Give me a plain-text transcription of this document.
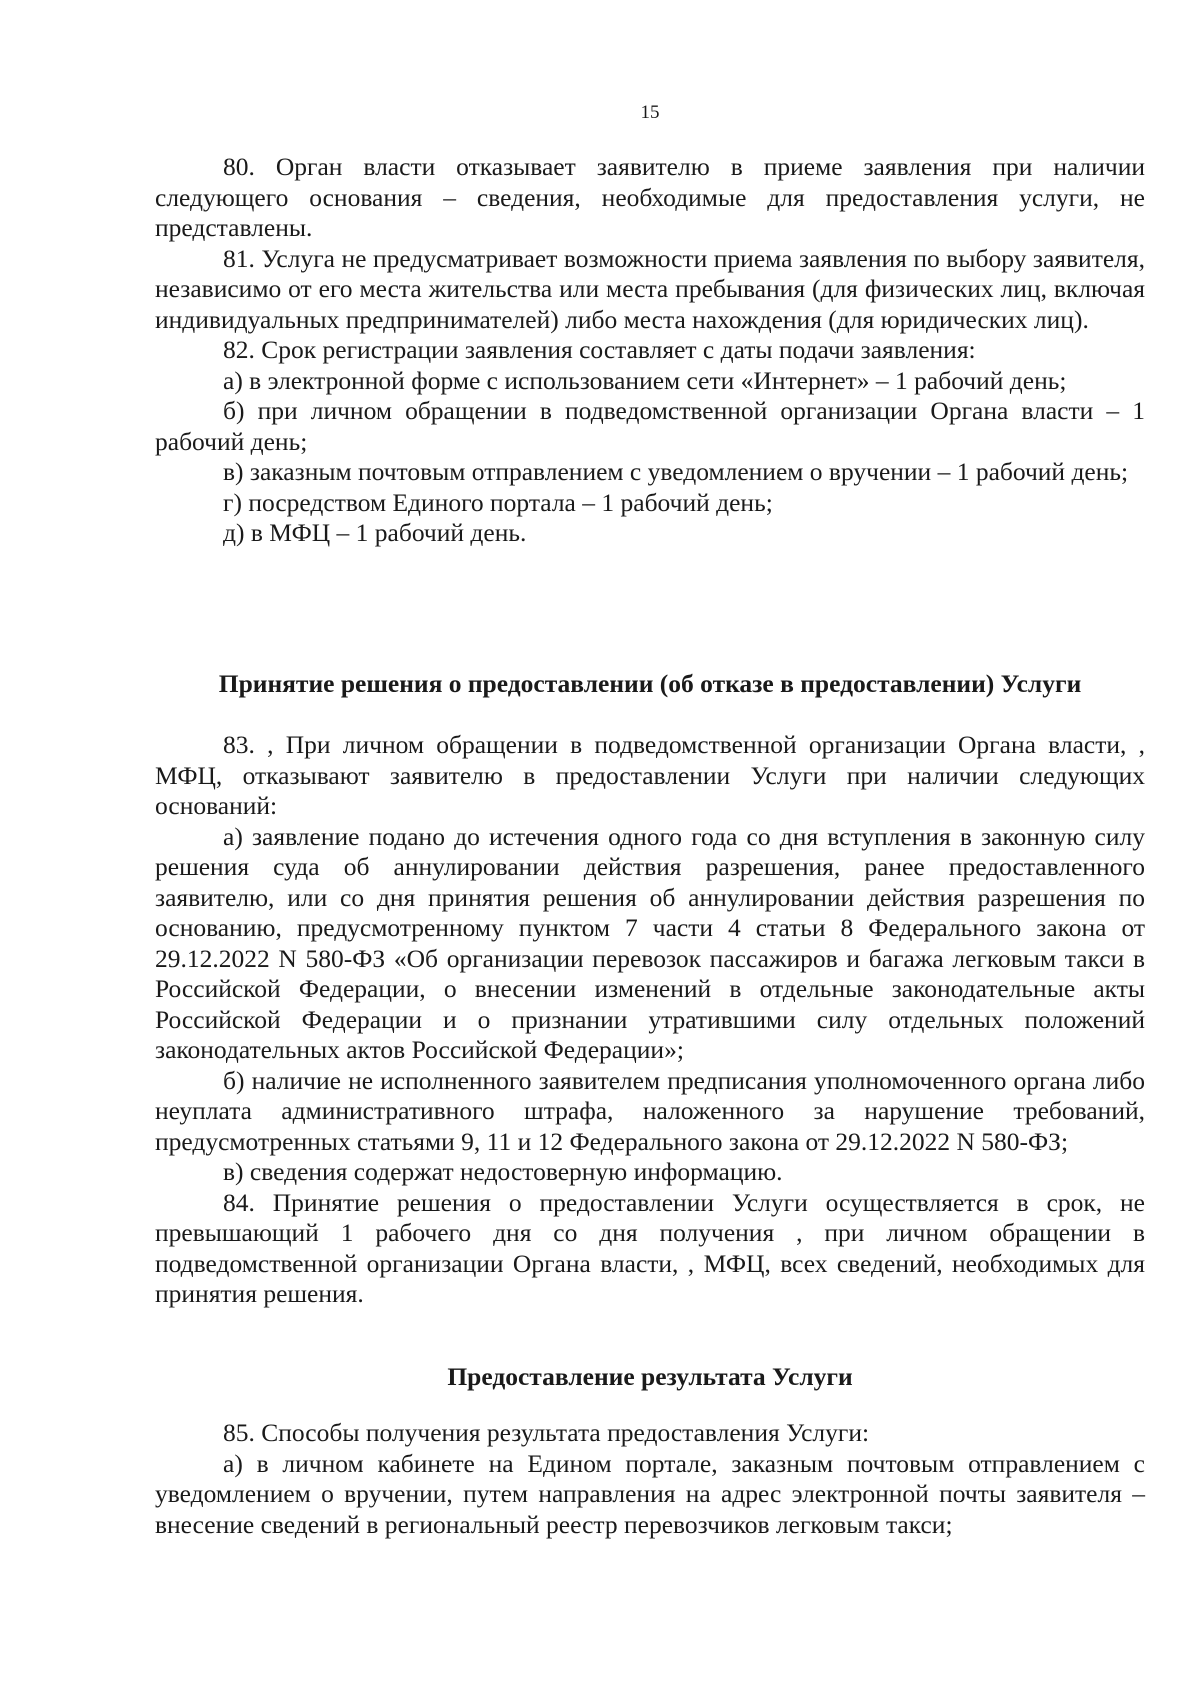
15

80. Орган власти отказывает заявителю в приеме заявления при наличии следующего основания – сведения, необходимые для предоставления услуги, не представлены.

81. Услуга не предусматривает возможности приема заявления по выбору заявителя, независимо от его места жительства или места пребывания (для физических лиц, включая индивидуальных предпринимателей) либо места нахождения (для юридических лиц).

82. Срок регистрации заявления составляет с даты подачи заявления:

а) в электронной форме с использованием сети «Интернет» – 1 рабочий день;

б) при личном обращении в подведомственной организации Органа власти – 1 рабочий день;

в) заказным почтовым отправлением с уведомлением о вручении – 1 рабочий день;

г) посредством Единого портала – 1 рабочий день;

д) в МФЦ – 1 рабочий день.

Принятие решения о предоставлении (об отказе в предоставлении) Услуги

83. , При личном обращении в подведомственной организации Органа власти, , МФЦ, отказывают заявителю в предоставлении Услуги при наличии следующих оснований:

а) заявление подано до истечения одного года со дня вступления в законную силу решения суда об аннулировании действия разрешения, ранее предоставленного заявителю, или со дня принятия решения об аннулировании действия разрешения по основанию, предусмотренному пунктом 7 части 4 статьи 8 Федерального закона от 29.12.2022 N 580-ФЗ «Об организации перевозок пассажиров и багажа легковым такси в Российской Федерации, о внесении изменений в отдельные законодательные акты Российской Федерации и о признании утратившими силу отдельных положений законодательных актов Российской Федерации»;

б) наличие не исполненного заявителем предписания уполномоченного органа либо неуплата административного штрафа, наложенного за нарушение требований, предусмотренных статьями 9, 11 и 12 Федерального закона от 29.12.2022 N 580-ФЗ;

в) сведения содержат недостоверную информацию.

84. Принятие решения о предоставлении Услуги осуществляется в срок, не превышающий 1 рабочего дня со дня получения , при личном обращении в подведомственной организации Органа власти, , МФЦ, всех сведений, необходимых для принятия решения.

Предоставление результата Услуги

85. Способы получения результата предоставления Услуги:

а) в личном кабинете на Едином портале, заказным почтовым отправлением с уведомлением о вручении, путем направления на адрес электронной почты заявителя – внесение сведений в региональный реестр перевозчиков легковым такси;
